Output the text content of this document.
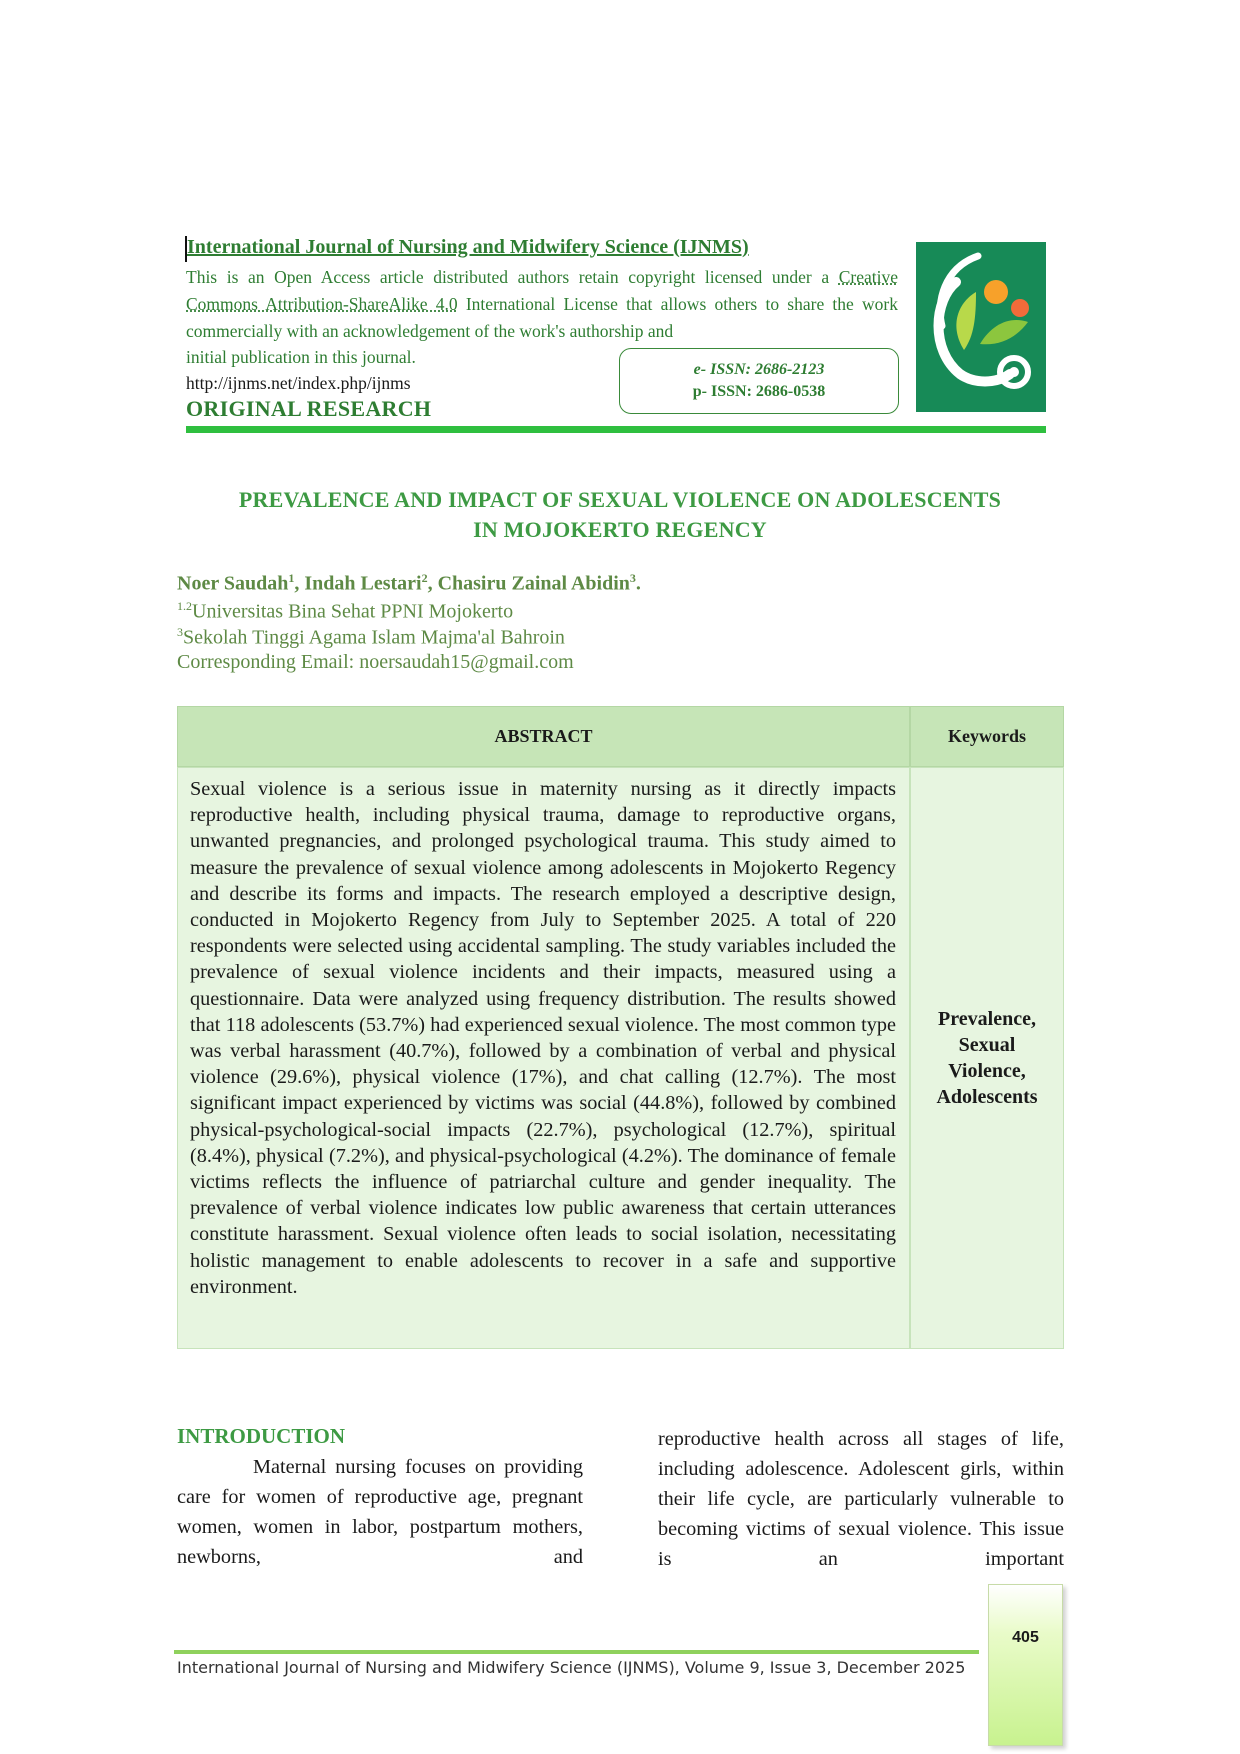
International Journal of Nursing and Midwifery Science (IJNMS)
This is an Open Access article distributed authors retain copyright licensed under a Creative Commons Attribution-ShareAlike 4.0 International License that allows others to share the work commercially with an acknowledgement of the work's authorship and
initial publication in this journal.
http://ijnms.net/index.php/ijnms
ORIGINAL RESEARCH
e- ISSN: 2686-2123
p- ISSN: 2686-0538
PREVALENCE AND IMPACT OF SEXUAL VIOLENCE ON ADOLESCENTS
IN MOJOKERTO REGENCY
Noer Saudah$^1$, Indah Lestari$^2$, Chasiru Zainal Abidin$^3$.
$^{1.2}$Universitas Bina Sehat PPNI Mojokerto
$^3$Sekolah Tinggi Agama Islam Majma'al Bahroin
Corresponding Email: noersaudah15@gmail.com
ABSTRACT	Keywords

Sexual violence is a serious issue in maternity nursing as it directly impacts reproductive health, including physical trauma, damage to reproductive organs, unwanted pregnancies, and prolonged psychological trauma. This study aimed to measure the prevalence of sexual violence among adolescents in Mojokerto Regency and describe its forms and impacts. The research employed a descriptive design, conducted in Mojokerto Regency from July to September 2025. A total of 220 respondents were selected using accidental sampling. The study variables included the prevalence of sexual violence incidents and their impacts, measured using a questionnaire. Data were analyzed using frequency distribution. The results showed that 118 adolescents (53.7%) had experienced sexual violence. The most common type was verbal harassment (40.7%), followed by a combination of verbal and physical violence (29.6%), physical violence (17%), and chat calling (12.7%). The most significant impact experienced by victims was social (44.8%), followed by combined physical-psychological-social impacts (22.7%), psychological (12.7%), spiritual (8.4%), physical (7.2%), and physical-psychological (4.2%). The dominance of female victims reflects the influence of patriarchal culture and gender inequality. The prevalence of verbal violence indicates low public awareness that certain utterances constitute harassment. Sexual violence often leads to social isolation, necessitating holistic management to enable adolescents to recover in a safe and supportive environment.

Prevalence, Sexual Violence, Adolescents

INTRODUCTION

Maternal nursing focuses on providing care for women of reproductive age, pregnant women, women in labor, postpartum mothers, newborns, and

reproductive health across all stages of life, including adolescence. Adolescent girls, within their life cycle, are particularly vulnerable to becoming victims of sexual violence. This issue is an important

405
International Journal of Nursing and Midwifery Science (IJNMS), Volume 9, Issue 3, December 2025
